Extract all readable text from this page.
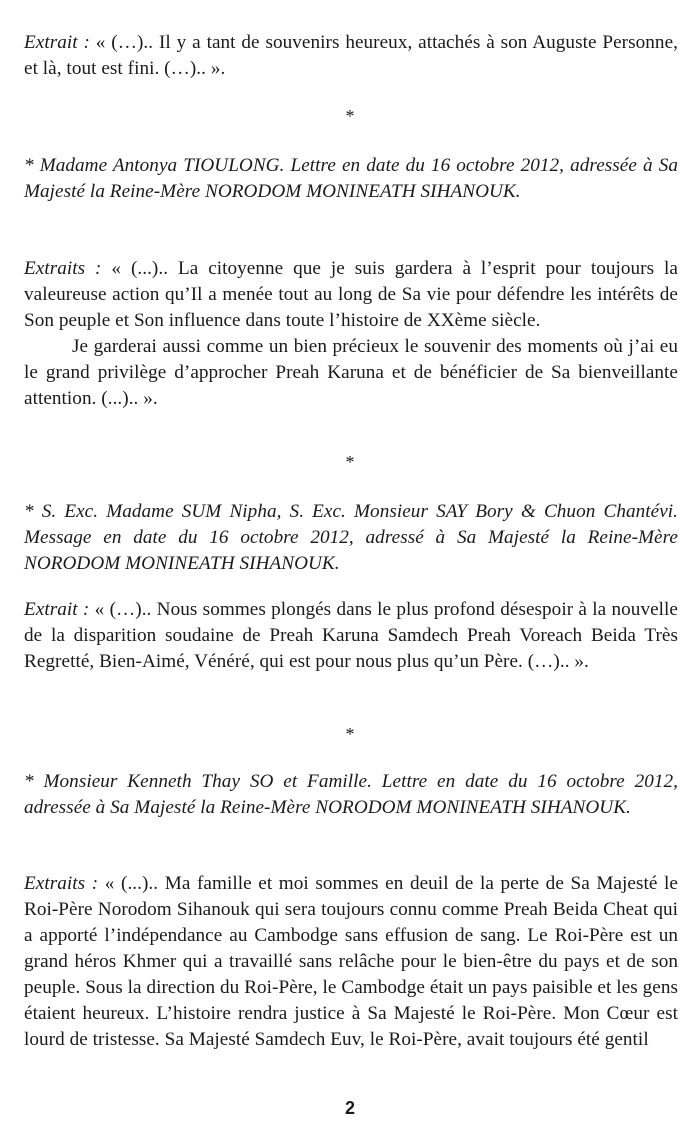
Extrait : « (…).. Il y a tant de souvenirs heureux, attachés à son Auguste Personne, et là, tout est fini. (…).. ».

*

* Madame Antonya TIOULONG. Lettre en date du 16 octobre 2012, adressée à Sa Majesté la Reine-Mère NORODOM MONINEATH SIHANOUK.

Extraits : « (...).. La citoyenne que je suis gardera à l’esprit pour toujours la valeureuse action qu’Il a menée tout au long de Sa vie pour défendre les intérêts de Son peuple et Son influence dans toute l’histoire de XXème siècle.
Je garderai aussi comme un bien précieux le souvenir des moments où j’ai eu le grand privilège d’approcher Preah Karuna et de bénéficier de Sa bienveillante attention. (...).. ».

*

* S. Exc. Madame SUM Nipha, S. Exc. Monsieur SAY Bory & Chuon Chantévi. Message en date du 16 octobre 2012, adressé à Sa Majesté la Reine-Mère NORODOM MONINEATH SIHANOUK.

Extrait : « (…).. Nous sommes plongés dans le plus profond désespoir à la nouvelle de la disparition soudaine de Preah Karuna Samdech Preah Voreach Beida Très Regretté, Bien-Aimé, Vénéré, qui est pour nous plus qu’un Père. (…).. ».

*

* Monsieur Kenneth Thay SO et Famille. Lettre en date du 16 octobre 2012, adressée à Sa Majesté la Reine-Mère NORODOM MONINEATH SIHANOUK.

Extraits : « (...).. Ma famille et moi sommes en deuil de la perte de Sa Majesté le Roi-Père Norodom Sihanouk qui sera toujours connu comme Preah Beida Cheat qui a apporté l’indépendance au Cambodge sans effusion de sang. Le Roi-Père est un grand héros Khmer qui a travaillé sans relâche pour le bien-être du pays et de son peuple. Sous la direction du Roi-Père, le Cambodge était un pays paisible et les gens étaient heureux. L’histoire rendra justice à Sa Majesté le Roi-Père. Mon Cœur est lourd de tristesse. Sa Majesté Samdech Euv, le Roi-Père, avait toujours été gentil

2
